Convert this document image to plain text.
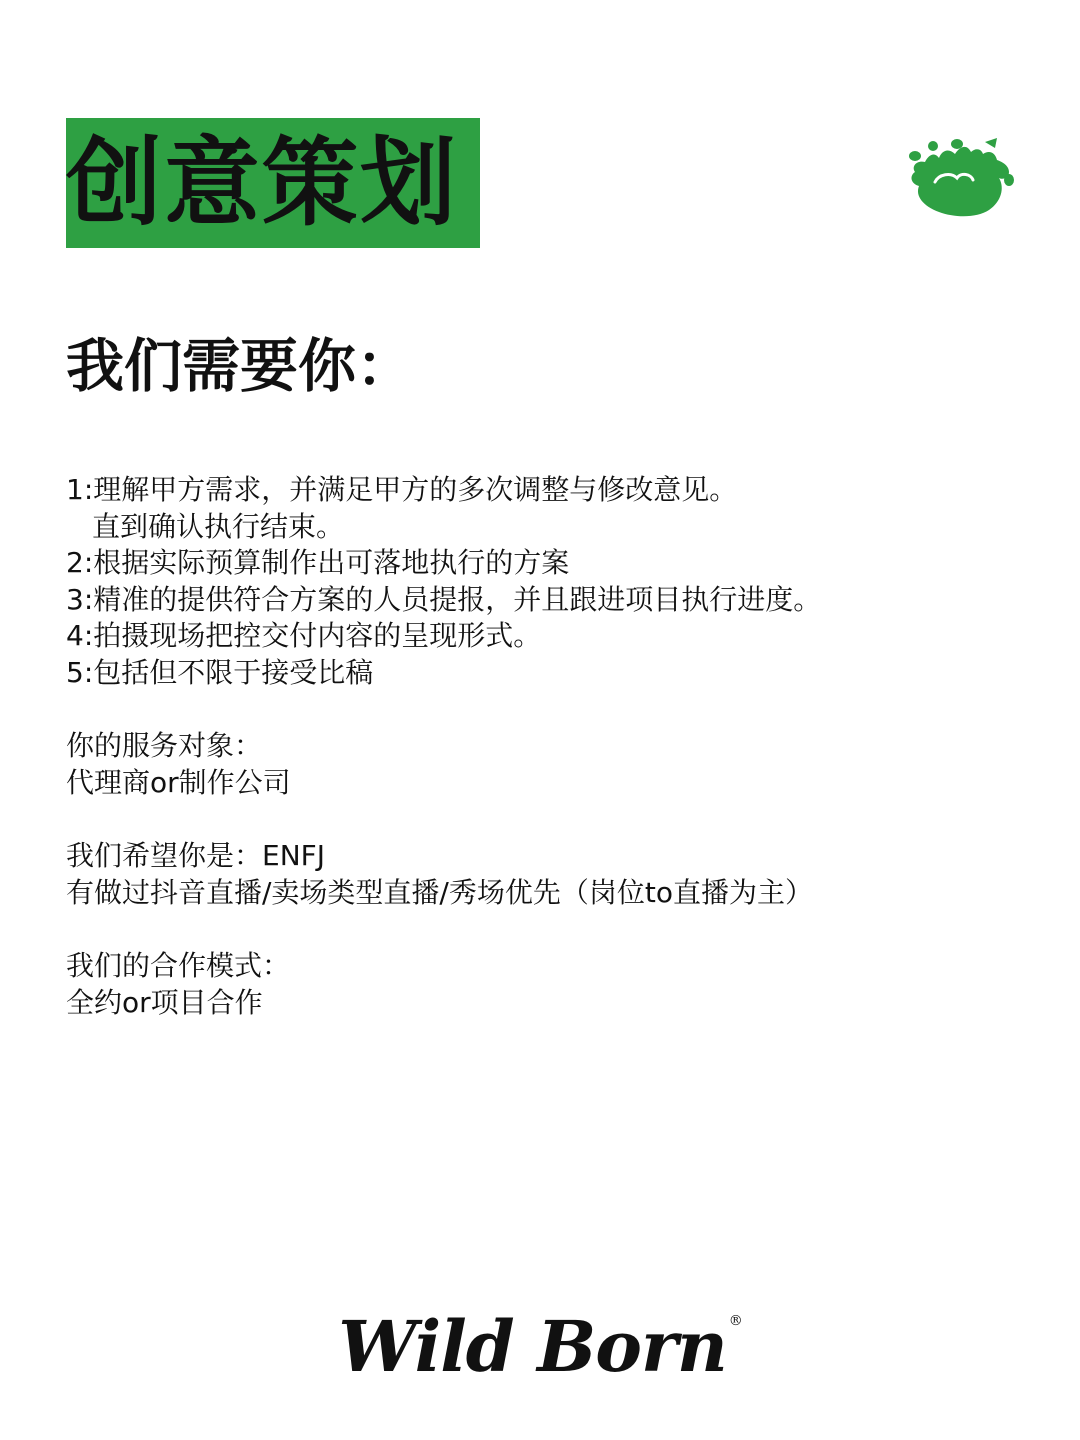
创意策划
我们需要你：
1:理解甲方需求，并满足甲方的多次调整与修改意见。
直到确认执行结束。
2:根据实际预算制作出可落地执行的方案
3:精准的提供符合方案的人员提报，并且跟进项目执行进度。
4:拍摄现场把控交付内容的呈现形式。
5:包括但不限于接受比稿
你的服务对象：
代理商or制作公司
我们希望你是：ENFJ
有做过抖音直播/卖场类型直播/秀场优先（岗位to直播为主）
我们的合作模式：
全约or项目合作
Wild Born ®
